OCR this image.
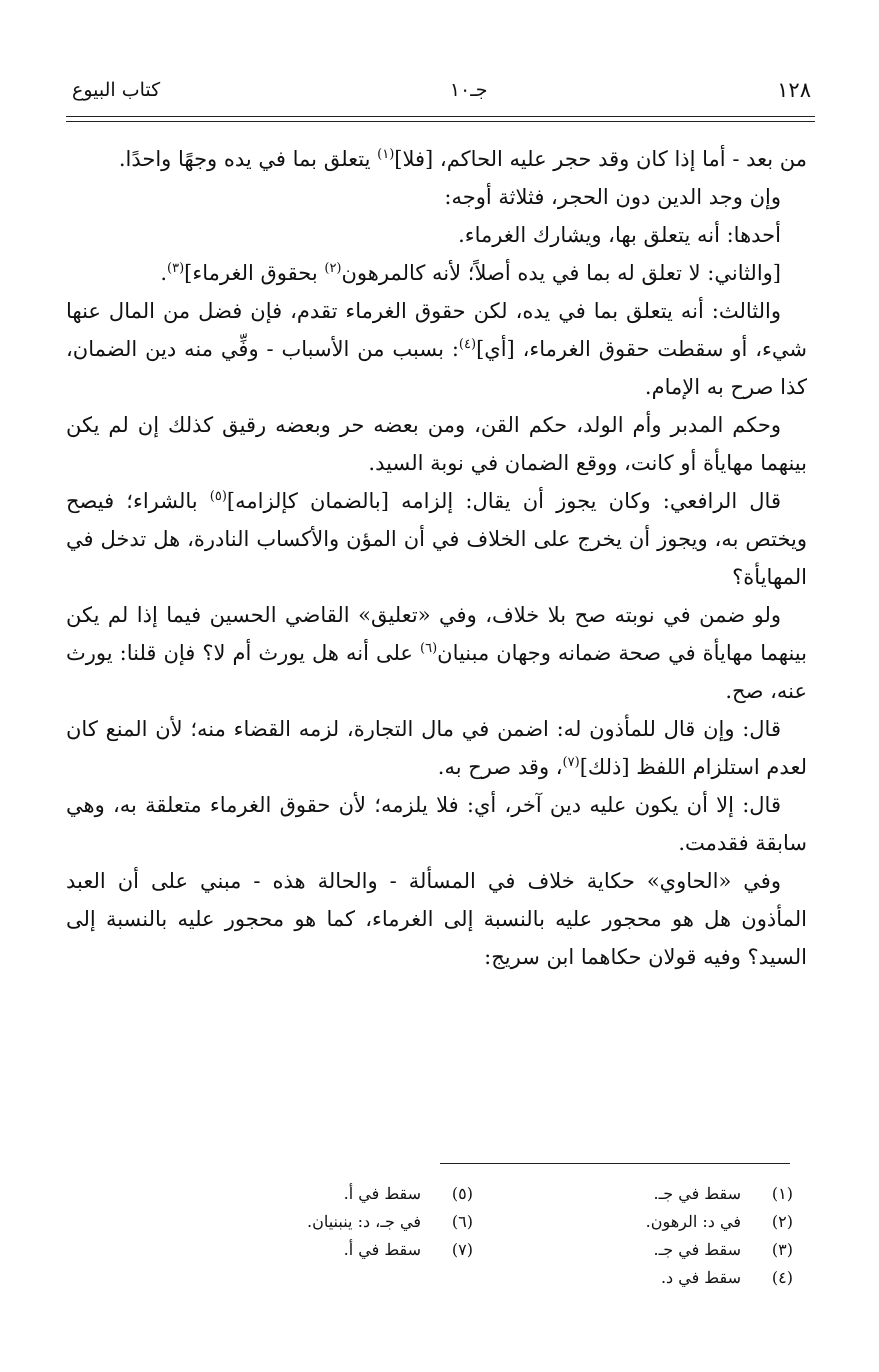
١٢٨
جـ١٠
كتاب البيوع

من بعد - أما إذا كان وقد حجر عليه الحاكم، [فلا]$^{(١)}$ يتعلق بما في يده وجهًا واحدًا.

وإن وجد الدين دون الحجر، فثلاثة أوجه:

أحدها: أنه يتعلق بها، ويشارك الغرماء.

[والثاني: لا تعلق له بما في يده أصلاً؛ لأنه كالمرهون$^{(٢)}$ بحقوق الغرماء]$^{(٣)}$.

والثالث: أنه يتعلق بما في يده، لكن حقوق الغرماء تقدم، فإن فضل من المال عنها شيء، أو سقطت حقوق الغرماء، [أي]$^{(٤)}$: بسبب من الأسباب - وفِّي منه دين الضمان، كذا صرح به الإمام.

وحكم المدبر وأم الولد، حكم القن، ومن بعضه حر وبعضه رقيق كذلك إن لم يكن بينهما مهايأة أو كانت، ووقع الضمان في نوبة السيد.

قال الرافعي: وكان يجوز أن يقال: إلزامه [بالضمان كإلزامه]$^{(٥)}$ بالشراء؛ فيصح ويختص به، ويجوز أن يخرج على الخلاف في أن المؤن والأكساب النادرة، هل تدخل في المهايأة؟

ولو ضمن في نوبته صح بلا خلاف، وفي «تعليق» القاضي الحسين فيما إذا لم يكن بينهما مهايأة في صحة ضمانه وجهان مبنيان$^{(٦)}$ على أنه هل يورث أم لا؟ فإن قلنا: يورث عنه، صح.

قال: وإن قال للمأذون له: اضمن في مال التجارة، لزمه القضاء منه؛ لأن المنع كان لعدم استلزام اللفظ [ذلك]$^{(٧)}$، وقد صرح به.

قال: إلا أن يكون عليه دين آخر، أي: فلا يلزمه؛ لأن حقوق الغرماء متعلقة به، وهي سابقة فقدمت.

وفي «الحاوي» حكاية خلاف في المسألة - والحالة هذه - مبني على أن العبد المأذون هل هو محجور عليه بالنسبة إلى الغرماء، كما هو محجور عليه بالنسبة إلى السيد؟ وفيه قولان حكاهما ابن سريج:

(١)
سقط في جـ.
(٢)
في د: الرهون.
(٣)
سقط في جـ.
(٤)
سقط في د.
(٥)
سقط في أ.
(٦)
في جـ، د: ينبنيان.
(٧)
سقط في أ.
